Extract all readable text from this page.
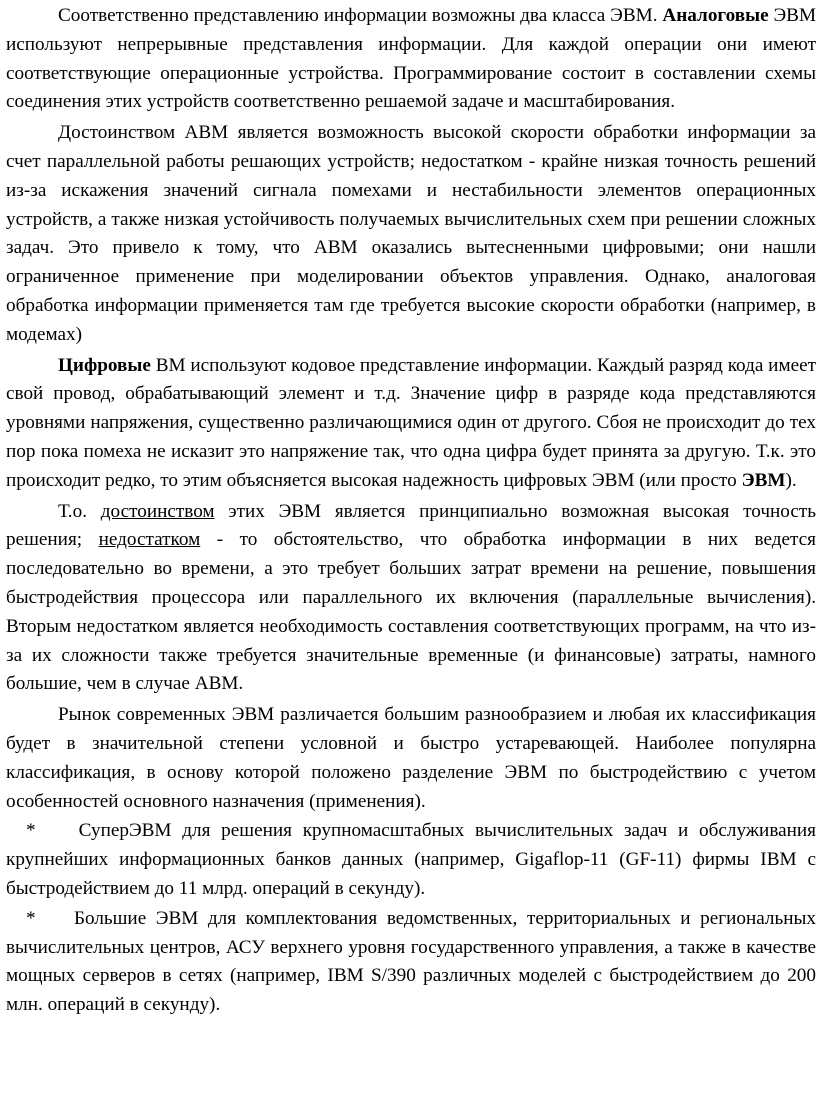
Соответственно представлению информации возможны два класса ЭВМ. Аналоговые ЭВМ используют непрерывные представления информации. Для каждой операции они имеют соответствующие операционные устройства. Программирование состоит в составлении схемы соединения этих устройств соответственно решаемой задаче и масштабирования.

Достоинством АВМ является возможность высокой скорости обработки информации за счет параллельной работы решающих устройств; недостатком - крайне низкая точность решений из-за искажения значений сигнала помехами и нестабильности элементов операционных устройств, а также низкая устойчивость получаемых вычислительных схем при решении сложных задач. Это привело к тому, что АВМ оказались вытесненными цифровыми; они нашли ограниченное применение при моделировании объектов управления. Однако, аналоговая обработка информации применяется там где требуется высокие скорости обработки (например, в модемах)

Цифровые ВМ используют кодовое представление информации. Каждый разряд кода имеет свой провод, обрабатывающий элемент и т.д. Значение цифр в разряде кода представляются уровнями напряжения, существенно различающимися один от другого. Сбоя не происходит до тех пор пока помеха не исказит это напряжение так, что одна цифра будет принята за другую. Т.к. это происходит редко, то этим объясняется высокая надежность цифровых ЭВМ (или просто ЭВМ).

Т.о. достоинством этих ЭВМ является принципиально возможная высокая точность решения; недостатком - то обстоятельство, что обработка информации в них ведется последовательно во времени, а это требует больших затрат времени на решение, повышения быстродействия процессора или параллельного их включения (параллельные вычисления). Вторым недостатком является необходимость составления соответствующих программ, на что из-за их сложности также требуется значительные временные (и финансовые) затраты, намного большие, чем в случае АВМ.

Рынок современных ЭВМ различается большим разнообразием и любая их классификация будет в значительной степени условной и быстро устаревающей. Наиболее популярна классификация, в основу которой положено разделение ЭВМ по быстродействию с учетом особенностей основного назначения (применения).

* СуперЭВМ для решения крупномасштабных вычислительных задач и обслуживания крупнейших информационных банков данных (например, Gigaflop-11 (GF-11) фирмы IBM с быстродействием до 11 млрд. операций в секунду).

* Большие ЭВМ для комплектования ведомственных, территориальных и региональных вычислительных центров, АСУ верхнего уровня государственного управления, а также в качестве мощных серверов в сетях (например, IBM S/390 различных моделей с быстродействием до 200 млн. операций в секунду).
